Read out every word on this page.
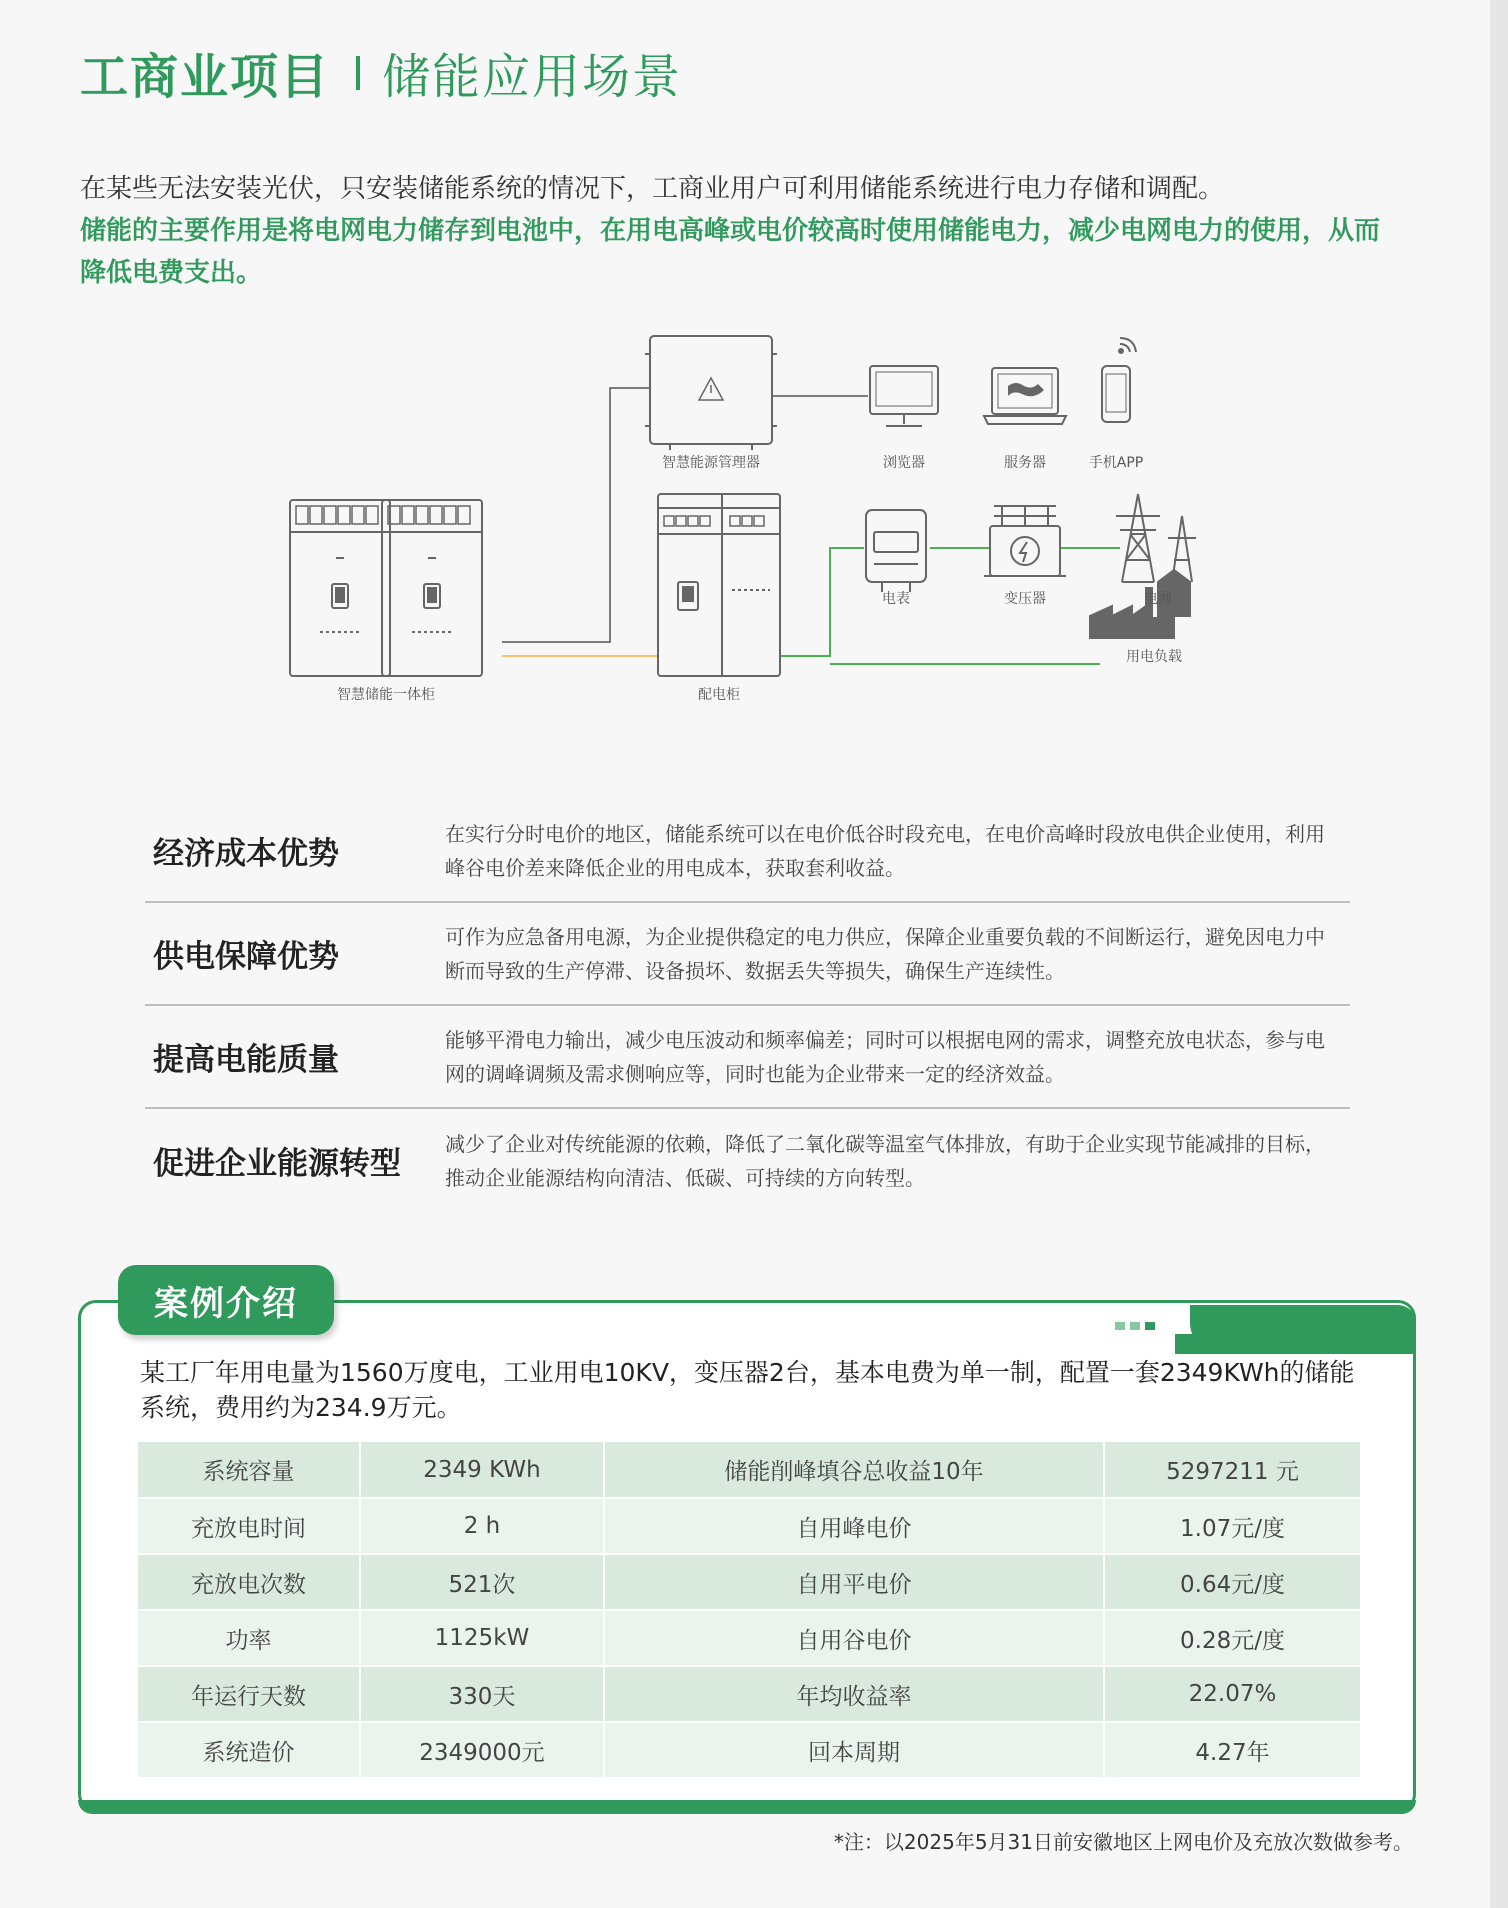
工商业项目 储能应用场景
在某些无法安装光伏，只安装储能系统的情况下，工商业用户可利用储能系统进行电力存储和调配。
储能的主要作用是将电网电力储存到电池中，在用电高峰或电价较高时使用储能电力，减少电网电力的使用，从而降低电费支出。
智慧能源管理器	浏览器	服务器	手机APP
电表	变压器	电网
智慧储能一体柜	配电柜
用电负载
经济成本优势
在实行分时电价的地区，储能系统可以在电价低谷时段充电，在电价高峰时段放电供企业使用，利用峰谷电价差来降低企业的用电成本，获取套利收益。
供电保障优势
可作为应急备用电源，为企业提供稳定的电力供应，保障企业重要负载的不间断运行，避免因电力中断而导致的生产停滞、设备损坏、数据丢失等损失，确保生产连续性。
提高电能质量
能够平滑电力输出，减少电压波动和频率偏差；同时可以根据电网的需求，调整充放电状态，参与电网的调峰调频及需求侧响应等，同时也能为企业带来一定的经济效益。
促进企业能源转型
减少了企业对传统能源的依赖，降低了二氧化碳等温室气体排放，有助于企业实现节能减排的目标，推动企业能源结构向清洁、低碳、可持续的方向转型。
案例介绍
某工厂年用电量为1560万度电，工业用电10KV，变压器2台，基本电费为单一制，配置一套2349KWh的储能系统，费用约为234.9万元。
系统容量	2349 KWh	储能削峰填谷总收益10年	5297211 元
充放电时间	2 h	自用峰电价	1.07元/度
充放电次数	521次	自用平电价	0.64元/度
功率	1125kW	自用谷电价	0.28元/度
年运行天数	330天	年均收益率	22.07%
系统造价	2349000元	回本周期	4.27年
*注：以2025年5月31日前安徽地区上网电价及充放次数做参考。
